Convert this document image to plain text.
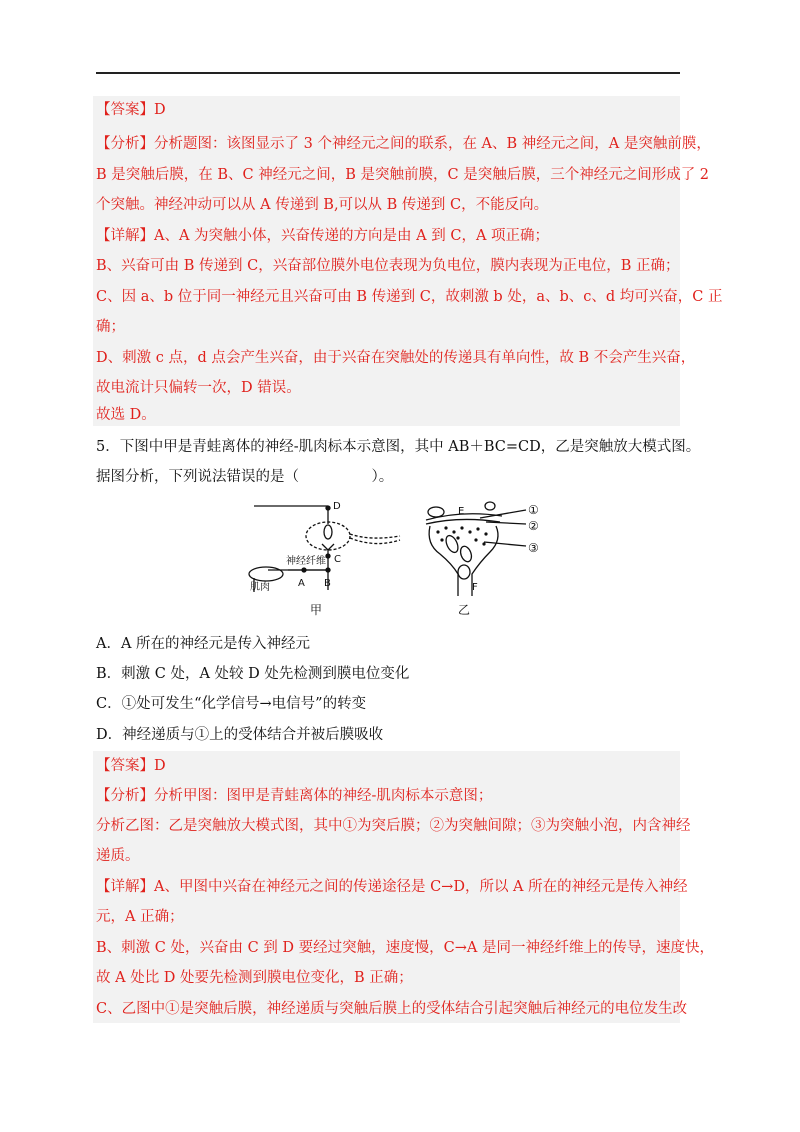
【答案】D
【分析】分析题图：该图显示了 3 个神经元之间的联系，在 A、B 神经元之间，A 是突触前膜，
B 是突触后膜，在 B、C 神经元之间，B 是突触前膜，C 是突触后膜，三个神经元之间形成了 2
个突触。神经冲动可以从 A 传递到 B,可以从 B 传递到 C，不能反向。
【详解】A、A 为突触小体，兴奋传递的方向是由 A 到 C，A 项正确；
B、兴奋可由 B 传递到 C，兴奋部位膜外电位表现为负电位，膜内表现为正电位，B 正确；
C、因 a、b 位于同一神经元且兴奋可由 B 传递到 C，故刺激 b 处，a、b、c、d 均可兴奋，C 正
确；
D、刺激 c 点，d 点会产生兴奋，由于兴奋在突触处的传递具有单向性，故 B 不会产生兴奋，
故电流计只偏转一次，D 错误。
故选 D。
5．下图中甲是青蛙离体的神经-肌肉标本示意图，其中 AB＋BC=CD，乙是突触放大模式图。
据图分析，下列说法错误的是（　　　　　）。
D
C
神经纤维
A B
肌肉
甲
E	①
②
③
F
乙
A．A 所在的神经元是传入神经元
B．刺激 C 处，A 处较 D 处先检测到膜电位变化
C．①处可发生“化学信号→电信号”的转变
D．神经递质与①上的受体结合并被后膜吸收
【答案】D
【分析】分析甲图：图甲是青蛙离体的神经-肌肉标本示意图；
分析乙图：乙是突触放大模式图，其中①为突后膜；②为突触间隙；③为突触小泡，内含神经
递质。
【详解】A、甲图中兴奋在神经元之间的传递途径是 C→D，所以 A 所在的神经元是传入神经
元，A 正确；
B、刺激 C 处，兴奋由 C 到 D 要经过突触，速度慢，C→A 是同一神经纤维上的传导，速度快，
故 A 处比 D 处要先检测到膜电位变化，B 正确；
C、乙图中①是突触后膜，神经递质与突触后膜上的受体结合引起突触后神经元的电位发生改
